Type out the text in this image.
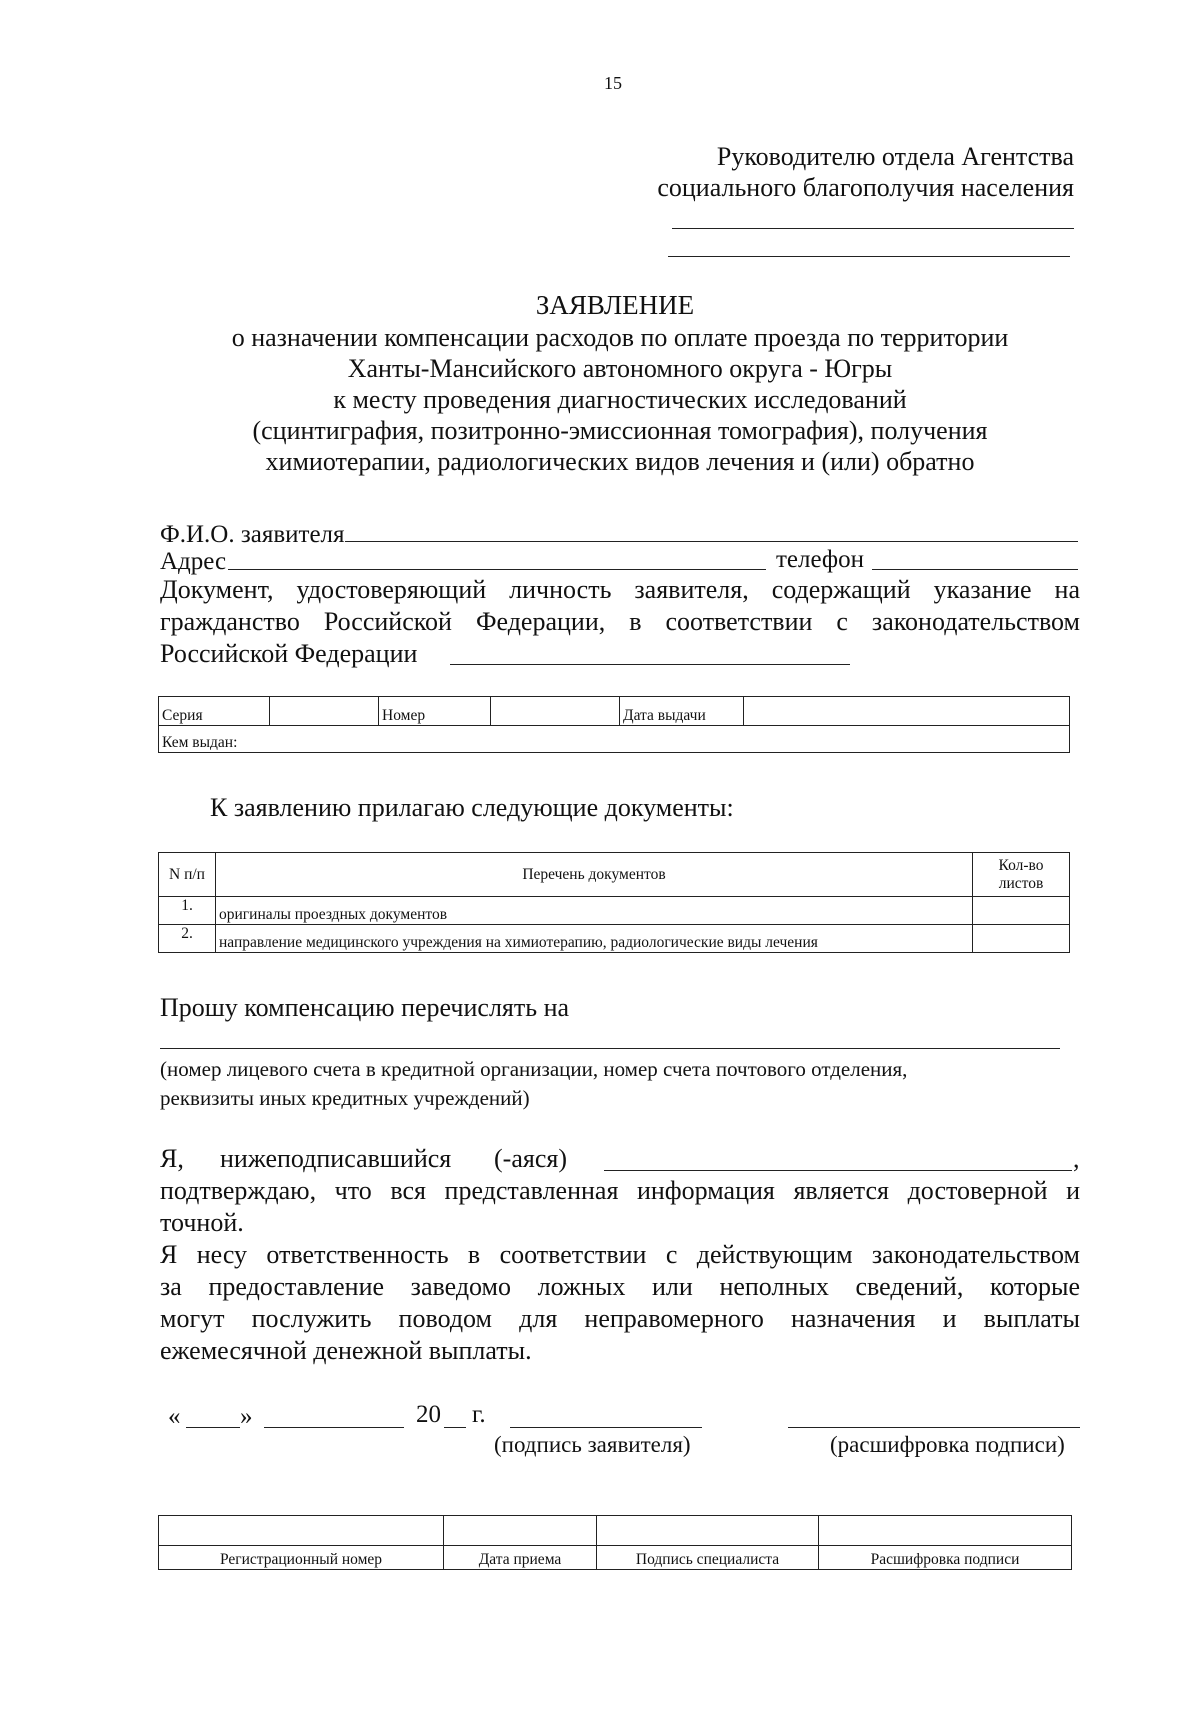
15
Руководителю отдела Агентства
социального благополучия населения
ЗАЯВЛЕНИЕ
о назначении компенсации расходов по оплате проезда по территории
Ханты-Мансийского автономного округа - Югры
к месту проведения диагностических исследований
(сцинтиграфия, позитронно-эмиссионная томография), получения
химиотерапии, радиологических видов лечения и (или) обратно
Ф.И.О. заявителя
Адрес	телефон
Документ, удостоверяющий личность заявителя, содержащий указание на
гражданство Российской Федерации, в соответствии с законодательством
Российской Федерации
Серия		Номер		Дата выдачи	
Кем выдан:
К заявлению прилагаю следующие документы:
N п/п	Перечень документов	Кол-во
листов

1.	оригиналы проездных документов	
2.	направление медицинского учреждения на химиотерапию, радиологические виды лечения	
Прошу компенсацию перечислять на
(номер лицевого счета в кредитной организации, номер счета почтового отделения,
реквизиты иных кредитных учреждений)
Я, нижеподписавшийся (-аяся)	,
подтверждаю, что вся представленная информация является достоверной и
точной.
Я несу ответственность в соответствии с действующим законодательством
за предоставление заведомо ложных или неполных сведений, которые
могут послужить поводом для неправомерного назначения и выплаты
ежемесячной денежной выплаты.
« »	20 г.
(подпись заявителя)	(расшифровка подписи)

Регистрационный номер	Дата приема	Подпись специалиста	Расшифровка подписи
